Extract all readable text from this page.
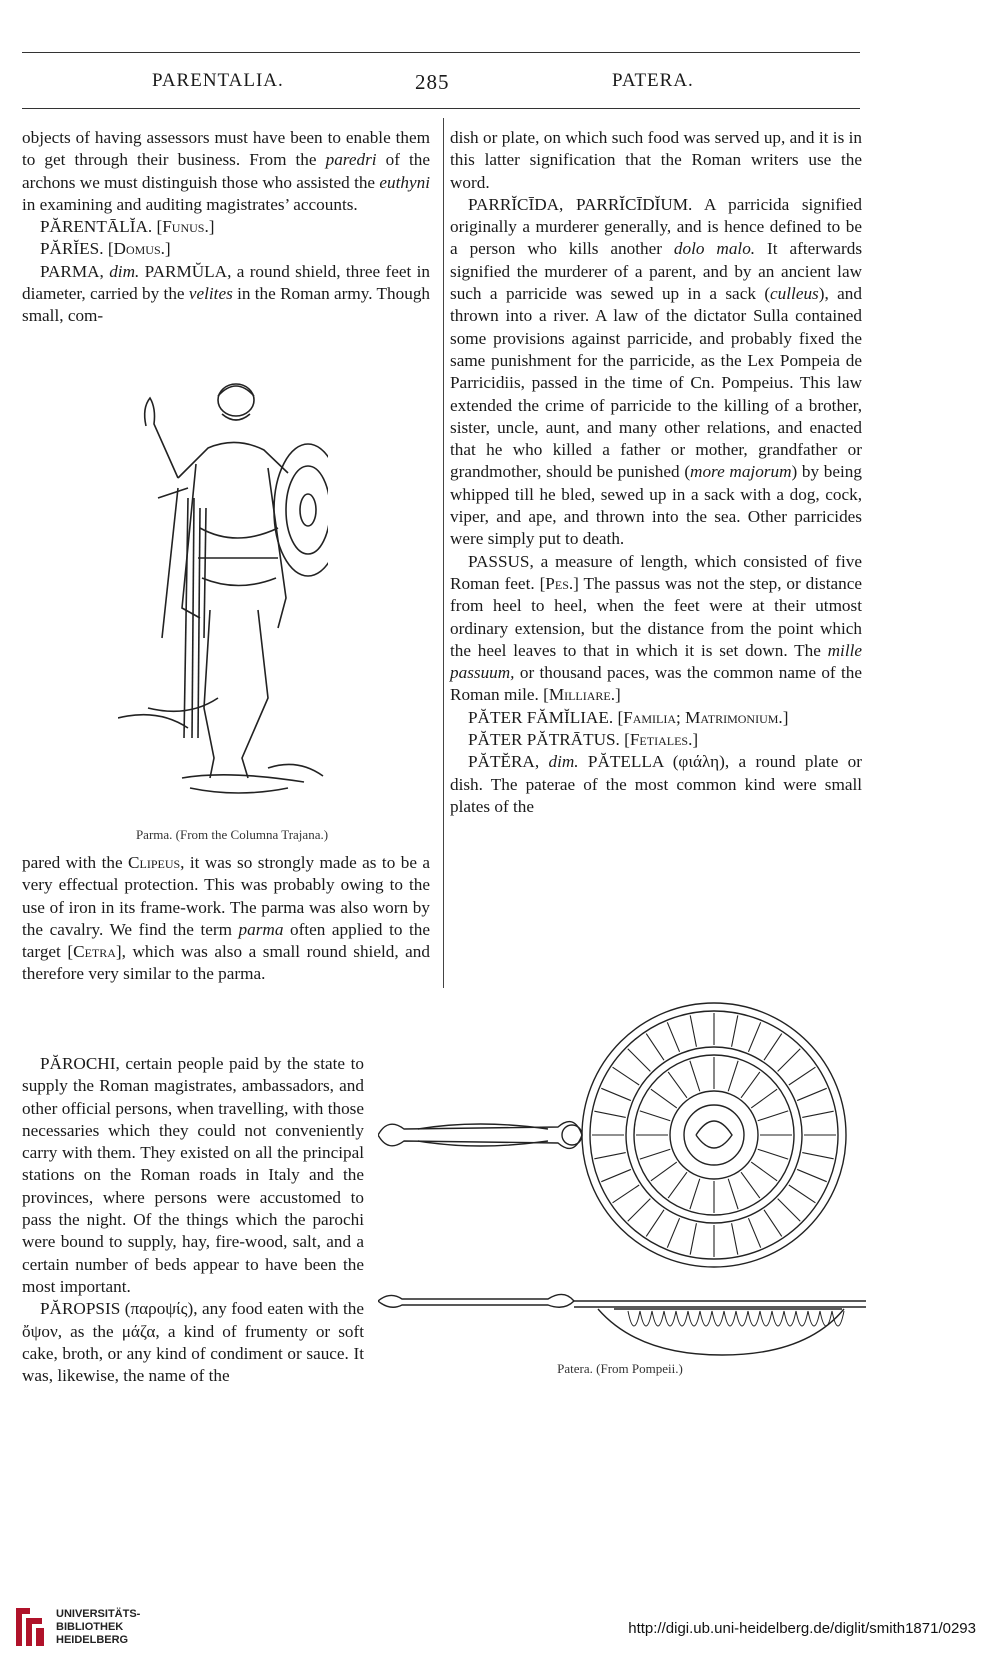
PARENTALIA.	285	PATERA.

objects of having assessors must have been to enable them to get through their business. From the paredri of the archons we must distinguish those who assisted the euthyni in examining and auditing magistrates’ accounts.

PĂRENTĀLĬA. [Funus.]

PĂRĬES. [Domus.]

PARMA, dim. PARMŬLA, a round shield, three feet in diameter, carried by the velites in the Roman army. Though small, com-

Parma. (From the Columna Trajana.)

pared with the Clipeus, it was so strongly made as to be a very effectual protection. This was probably owing to the use of iron in its frame-work. The parma was also worn by the cavalry. We find the term parma often applied to the target [Cetra], which was also a small round shield, and therefore very similar to the parma.

PĂROCHI, certain people paid by the state to supply the Roman magistrates, ambassadors, and other official persons, when travelling, with those necessaries which they could not conveniently carry with them. They existed on all the principal stations on the Roman roads in Italy and the provinces, where persons were accustomed to pass the night. Of the things which the parochi were bound to supply, hay, fire-wood, salt, and a certain number of beds appear to have been the most important.

PĂROPSIS (παροψίς), any food eaten with the ὄψον, as the μάζα, a kind of frumenty or soft cake, broth, or any kind of condiment or sauce. It was, likewise, the name of the

dish or plate, on which such food was served up, and it is in this latter signification that the Roman writers use the word.

PARRĬCĪDA, PARRĬCĪDĬUM. A parricida signified originally a murderer generally, and is hence defined to be a person who kills another dolo malo. It afterwards signified the murderer of a parent, and by an ancient law such a parricide was sewed up in a sack (culleus), and thrown into a river. A law of the dictator Sulla contained some provisions against parricide, and probably fixed the same punishment for the parricide, as the Lex Pompeia de Parricidiis, passed in the time of Cn. Pompeius. This law extended the crime of parricide to the killing of a brother, sister, uncle, aunt, and many other relations, and enacted that he who killed a father or mother, grandfather or grandmother, should be punished (more majorum) by being whipped till he bled, sewed up in a sack with a dog, cock, viper, and ape, and thrown into the sea. Other parricides were simply put to death.

PASSUS, a measure of length, which consisted of five Roman feet. [Pes.] The passus was not the step, or distance from heel to heel, when the feet were at their utmost ordinary extension, but the distance from the point which the heel leaves to that in which it is set down. The mille passuum, or thousand paces, was the common name of the Roman mile. [Milliare.]

PĂTER FĂMĬLIAE. [Familia; Matrimonium.]

PĂTER PĂTRĀTUS. [Fetiales.]

PĂTĔRA, dim. PĂTELLA (φιάλη), a round plate or dish. The paterae of the most common kind were small plates of the

Patera. (From Pompeii.)
UNIVERSITÄTS-
BIBLIOTHEK
HEIDELBERG
http://digi.ub.uni-heidelberg.de/diglit/smith1871/0293
